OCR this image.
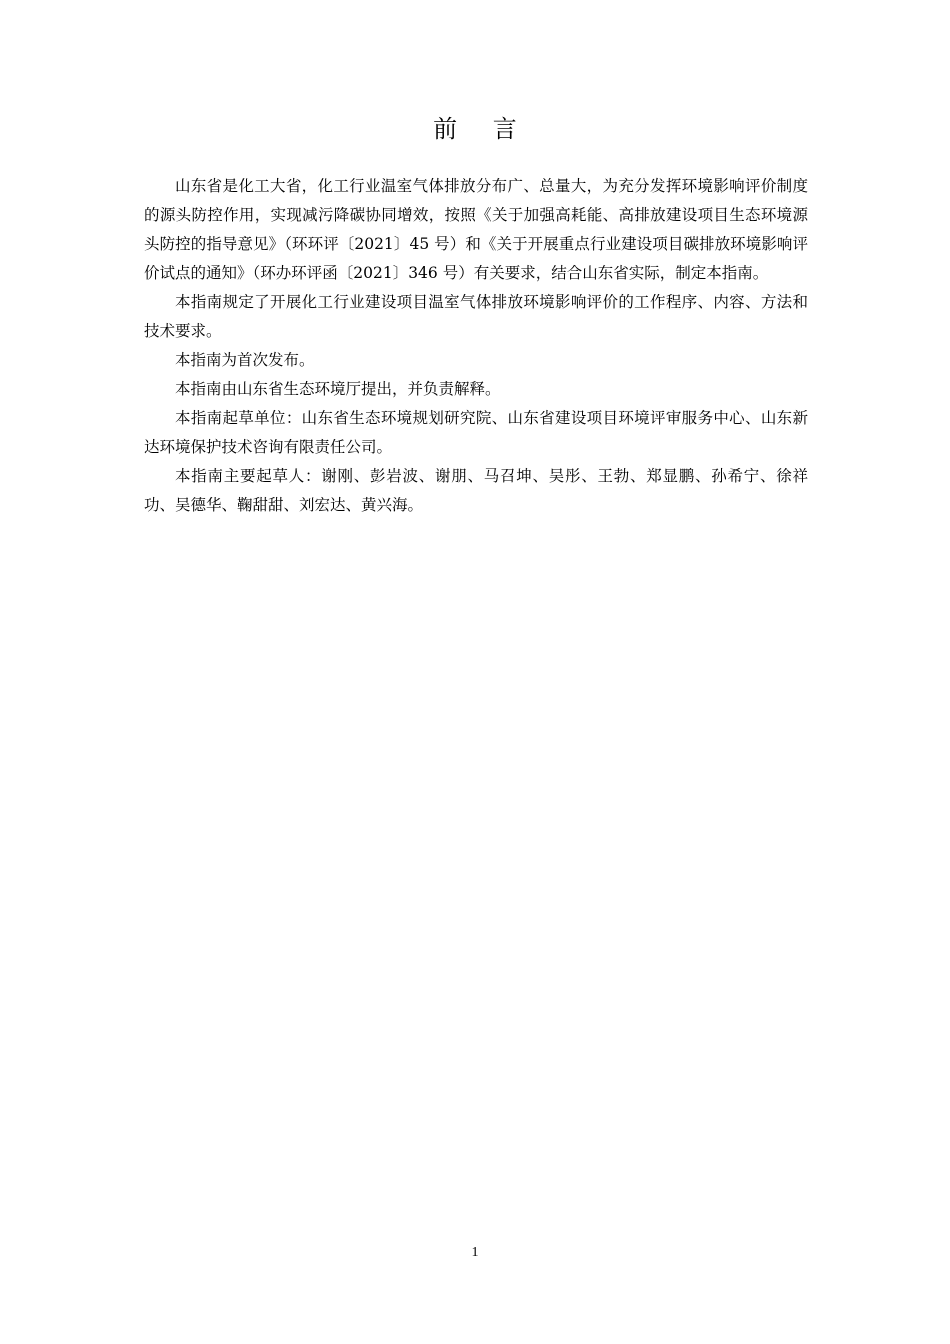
前 言

山东省是化工大省，化工行业温室气体排放分布广、总量大，为充分发挥环境影响评价制度的源头防控作用，实现减污降碳协同增效，按照《关于加强高耗能、高排放建设项目生态环境源头防控的指导意见》（环环评〔2021〕45 号）和《关于开展重点行业建设项目碳排放环境影响评价试点的通知》（环办环评函〔2021〕346 号）有关要求，结合山东省实际，制定本指南。

本指南规定了开展化工行业建设项目温室气体排放环境影响评价的工作程序、内容、方法和技术要求。

本指南为首次发布。

本指南由山东省生态环境厅提出，并负责解释。

本指南起草单位：山东省生态环境规划研究院、山东省建设项目环境评审服务中心、山东新达环境保护技术咨询有限责任公司。

本指南主要起草人：谢刚、彭岩波、谢朋、马召坤、吴彤、王勃、郑显鹏、孙希宁、徐祥功、吴德华、鞠甜甜、刘宏达、黄兴海。

1
